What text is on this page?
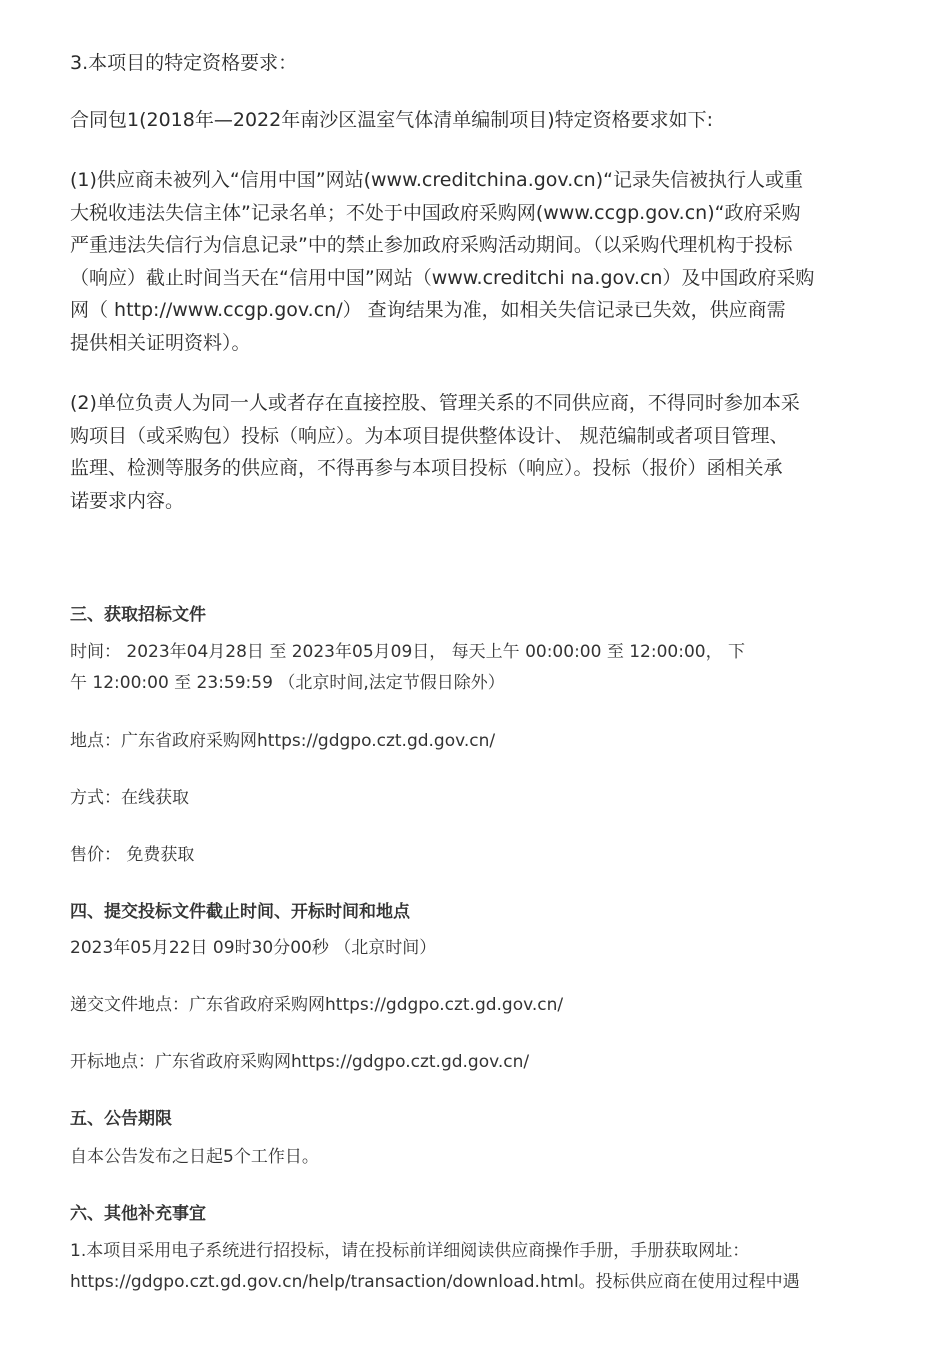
3.本项目的特定资格要求：

合同包1(2018年—2022年南沙区温室气体清单编制项目)特定资格要求如下:

(1)供应商未被列入“信用中国”网站(www.creditchina.gov.cn)“记录失信被执行人或重
大税收违法失信主体”记录名单；不处于中国政府采购网(www.ccgp.gov.cn)“政府采购
严重违法失信行为信息记录”中的禁止参加政府采购活动期间。（以采购代理机构于投标
（响应）截止时间当天在“信用中国”网站（www.creditchi na.gov.cn）及中国政府采购
网（ http://www.ccgp.gov.cn/） 查询结果为准，如相关失信记录已失效，供应商需
提供相关证明资料）。

(2)单位负责人为同一人或者存在直接控股、管理关系的不同供应商，不得同时参加本采
购项目（或采购包）投标（响应）。为本项目提供整体设计、 规范编制或者项目管理、
监理、检测等服务的供应商，不得再参与本项目投标（响应）。投标（报价）函相关承
诺要求内容。

三、获取招标文件

时间： 2023年04月28日 至 2023年05月09日， 每天上午 00:00:00 至 12:00:00， 下
午 12:00:00 至 23:59:59 （北京时间,法定节假日除外）

地点：广东省政府采购网https://gdgpo.czt.gd.gov.cn/

方式：在线获取

售价： 免费获取

四、提交投标文件截止时间、开标时间和地点

2023年05月22日 09时30分00秒 （北京时间）

递交文件地点：广东省政府采购网https://gdgpo.czt.gd.gov.cn/

开标地点：广东省政府采购网https://gdgpo.czt.gd.gov.cn/

五、公告期限

自本公告发布之日起5个工作日。

六、其他补充事宜

1.本项目采用电子系统进行招投标，请在投标前详细阅读供应商操作手册，手册获取网址：
https://gdgpo.czt.gd.gov.cn/help/transaction/download.html。投标供应商在使用过程中遇
